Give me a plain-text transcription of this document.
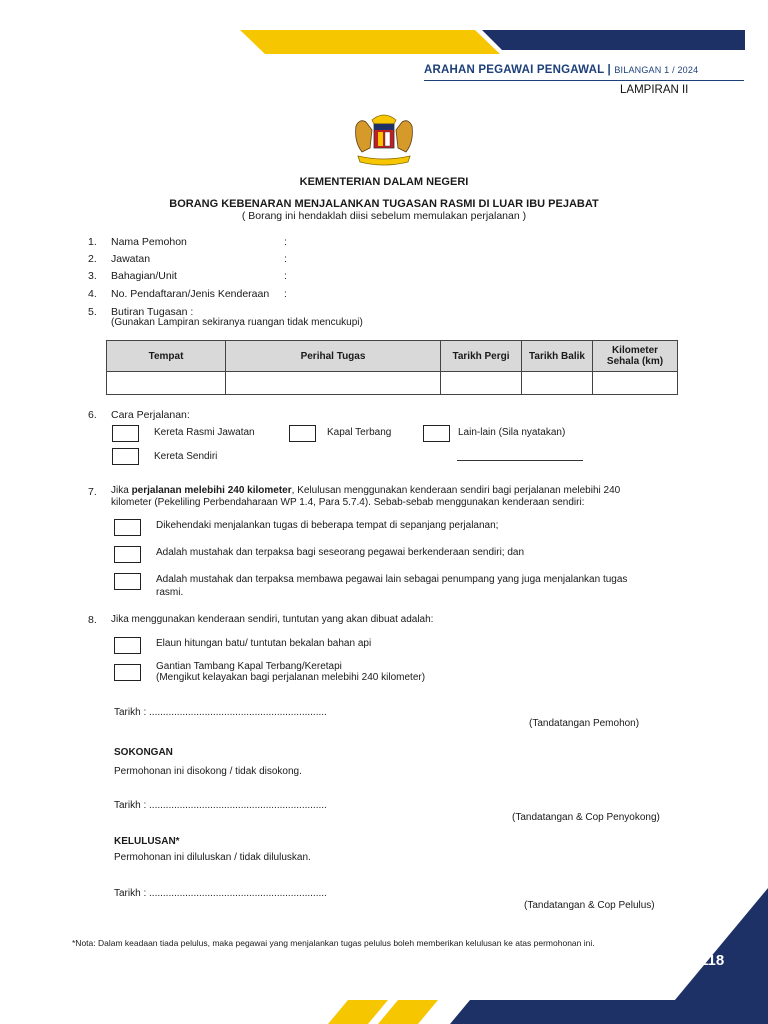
ARAHAN PEGAWAI PENGAWAL | BILANGAN 1 / 2024
LAMPIRAN II
KEMENTERIAN DALAM NEGERI
BORANG KEBENARAN MENJALANKAN TUGASAN RASMI DI LUAR IBU PEJABAT
( Borang ini hendaklah diisi sebelum memulakan perjalanan )
1. Nama Pemohon	:
2. Jawatan	:
3. Bahagian/Unit	:
4. No. Pendaftaran/Jenis Kenderaan :
5. Butiran Tugasan :
(Gunakan Lampiran sekiranya ruangan tidak mencukupi)
Tempat	Perihal Tugas	Tarikh Pergi	Tarikh Balik	Kilometer Sehala (km)

6. Cara Perjalanan:
Kereta Rasmi Jawatan	Kapal Terbang	Lain-lain (Sila nyatakan)
Kereta Sendiri
7. Jika perjalanan melebihi 240 kilometer, Kelulusan menggunakan kenderaan sendiri bagi perjalanan melebihi 240
kilometer (Pekeliling Perbendaharaan WP 1.4, Para 5.7.4). Sebab-sebab menggunakan kenderaan sendiri:
Dikehendaki menjalankan tugas di beberapa tempat di sepanjang perjalanan;
Adalah mustahak dan terpaksa bagi seseorang pegawai berkenderaan sendiri; dan
Adalah mustahak dan terpaksa membawa pegawai lain sebagai penumpang yang juga menjalankan tugas
rasmi.
8. Jika menggunakan kenderaan sendiri, tuntutan yang akan dibuat adalah:
Elaun hitungan batu/ tuntutan bekalan bahan api
Gantian Tambang Kapal Terbang/Keretapi
(Mengikut kelayakan bagi perjalanan melebihi 240 kilometer)
Tarikh : ................................................................
(Tandatangan Pemohon)
SOKONGAN
Permohonan ini disokong / tidak disokong.
Tarikh : ................................................................
(Tandatangan & Cop Penyokong)
KELULUSAN*
Permohonan ini diluluskan / tidak diluluskan.
Tarikh : ................................................................
(Tandatangan & Cop Pelulus)
*Nota: Dalam keadaan tiada pelulus, maka pegawai yang menjalankan tugas pelulus boleh memberikan kelulusan ke atas permohonan ini.
118
